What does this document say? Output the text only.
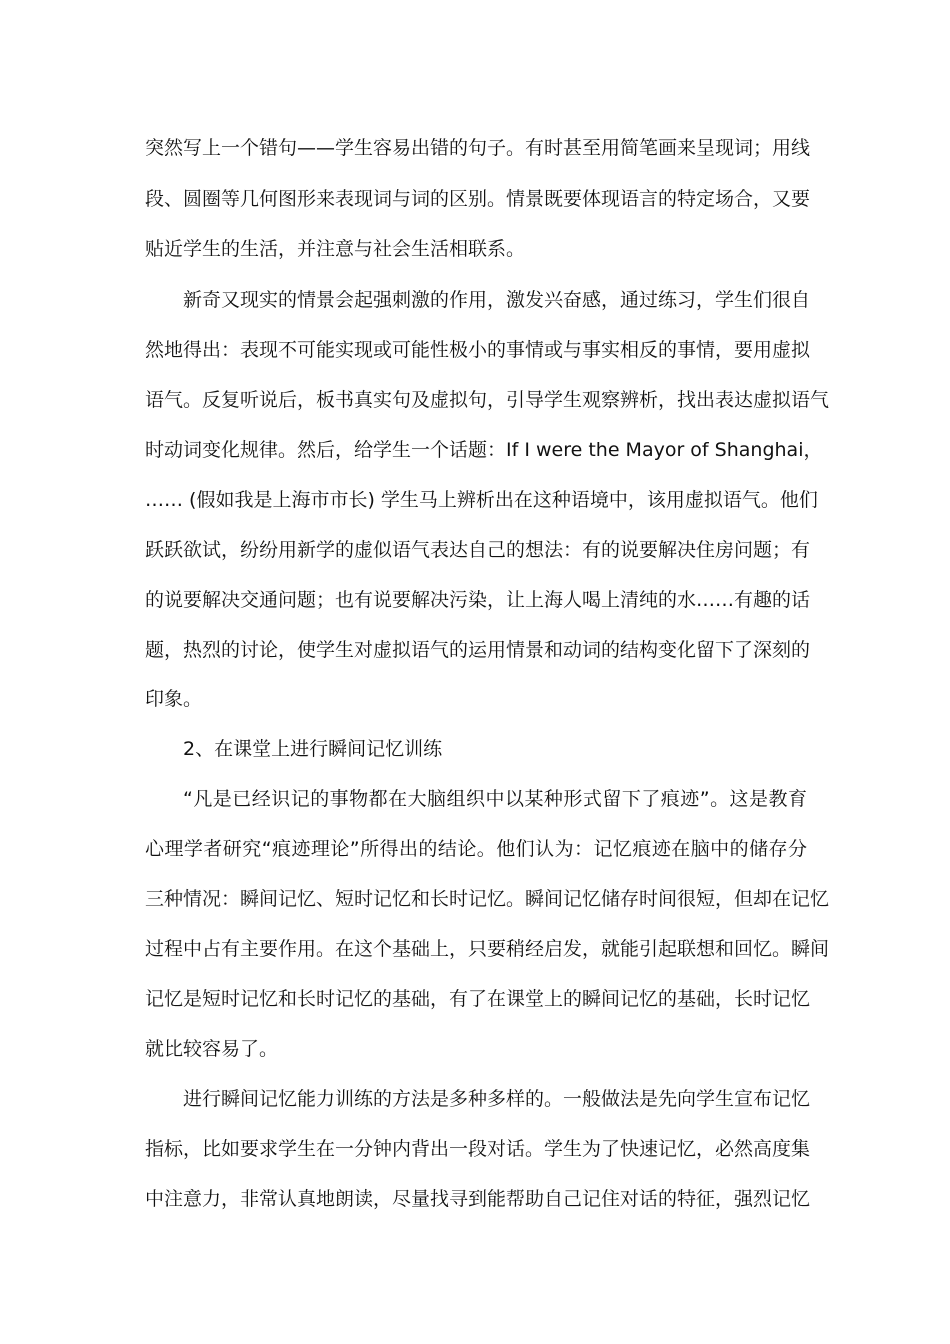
突然写上一个错句——学生容易出错的句子。有时甚至用简笔画来呈现词；用线
段、圆圈等几何图形来表现词与词的区别。情景既要体现语言的特定场合，又要
贴近学生的生活，并注意与社会生活相联系。
新奇又现实的情景会起强刺激的作用，激发兴奋感，通过练习，学生们很自
然地得出：表现不可能实现或可能性极小的事情或与事实相反的事情，要用虚拟
语气。反复听说后，板书真实句及虚拟句，引导学生观察辨析，找出表达虚拟语气
时动词变化规律。然后，给学生一个话题：If I were the Mayor of Shanghai，
…… (假如我是上海市市长) 学生马上辨析出在这种语境中，该用虚拟语气。他们
跃跃欲试，纷纷用新学的虚似语气表达自己的想法：有的说要解决住房问题；有
的说要解决交通问题；也有说要解决污染，让上海人喝上清纯的水……有趣的话
题，热烈的讨论，使学生对虚拟语气的运用情景和动词的结构变化留下了深刻的
印象。
2、在课堂上进行瞬间记忆训练
“凡是已经识记的事物都在大脑组织中以某种形式留下了痕迹”。这是教育
心理学者研究“痕迹理论”所得出的结论。他们认为：记忆痕迹在脑中的储存分
三种情况：瞬间记忆、短时记忆和长时记忆。瞬间记忆储存时间很短，但却在记忆
过程中占有主要作用。在这个基础上，只要稍经启发，就能引起联想和回忆。瞬间
记忆是短时记忆和长时记忆的基础，有了在课堂上的瞬间记忆的基础，长时记忆
就比较容易了。
进行瞬间记忆能力训练的方法是多种多样的。一般做法是先向学生宣布记忆
指标，比如要求学生在一分钟内背出一段对话。学生为了快速记忆，必然高度集
中注意力，非常认真地朗读，尽量找寻到能帮助自己记住对话的特征，强烈记忆
